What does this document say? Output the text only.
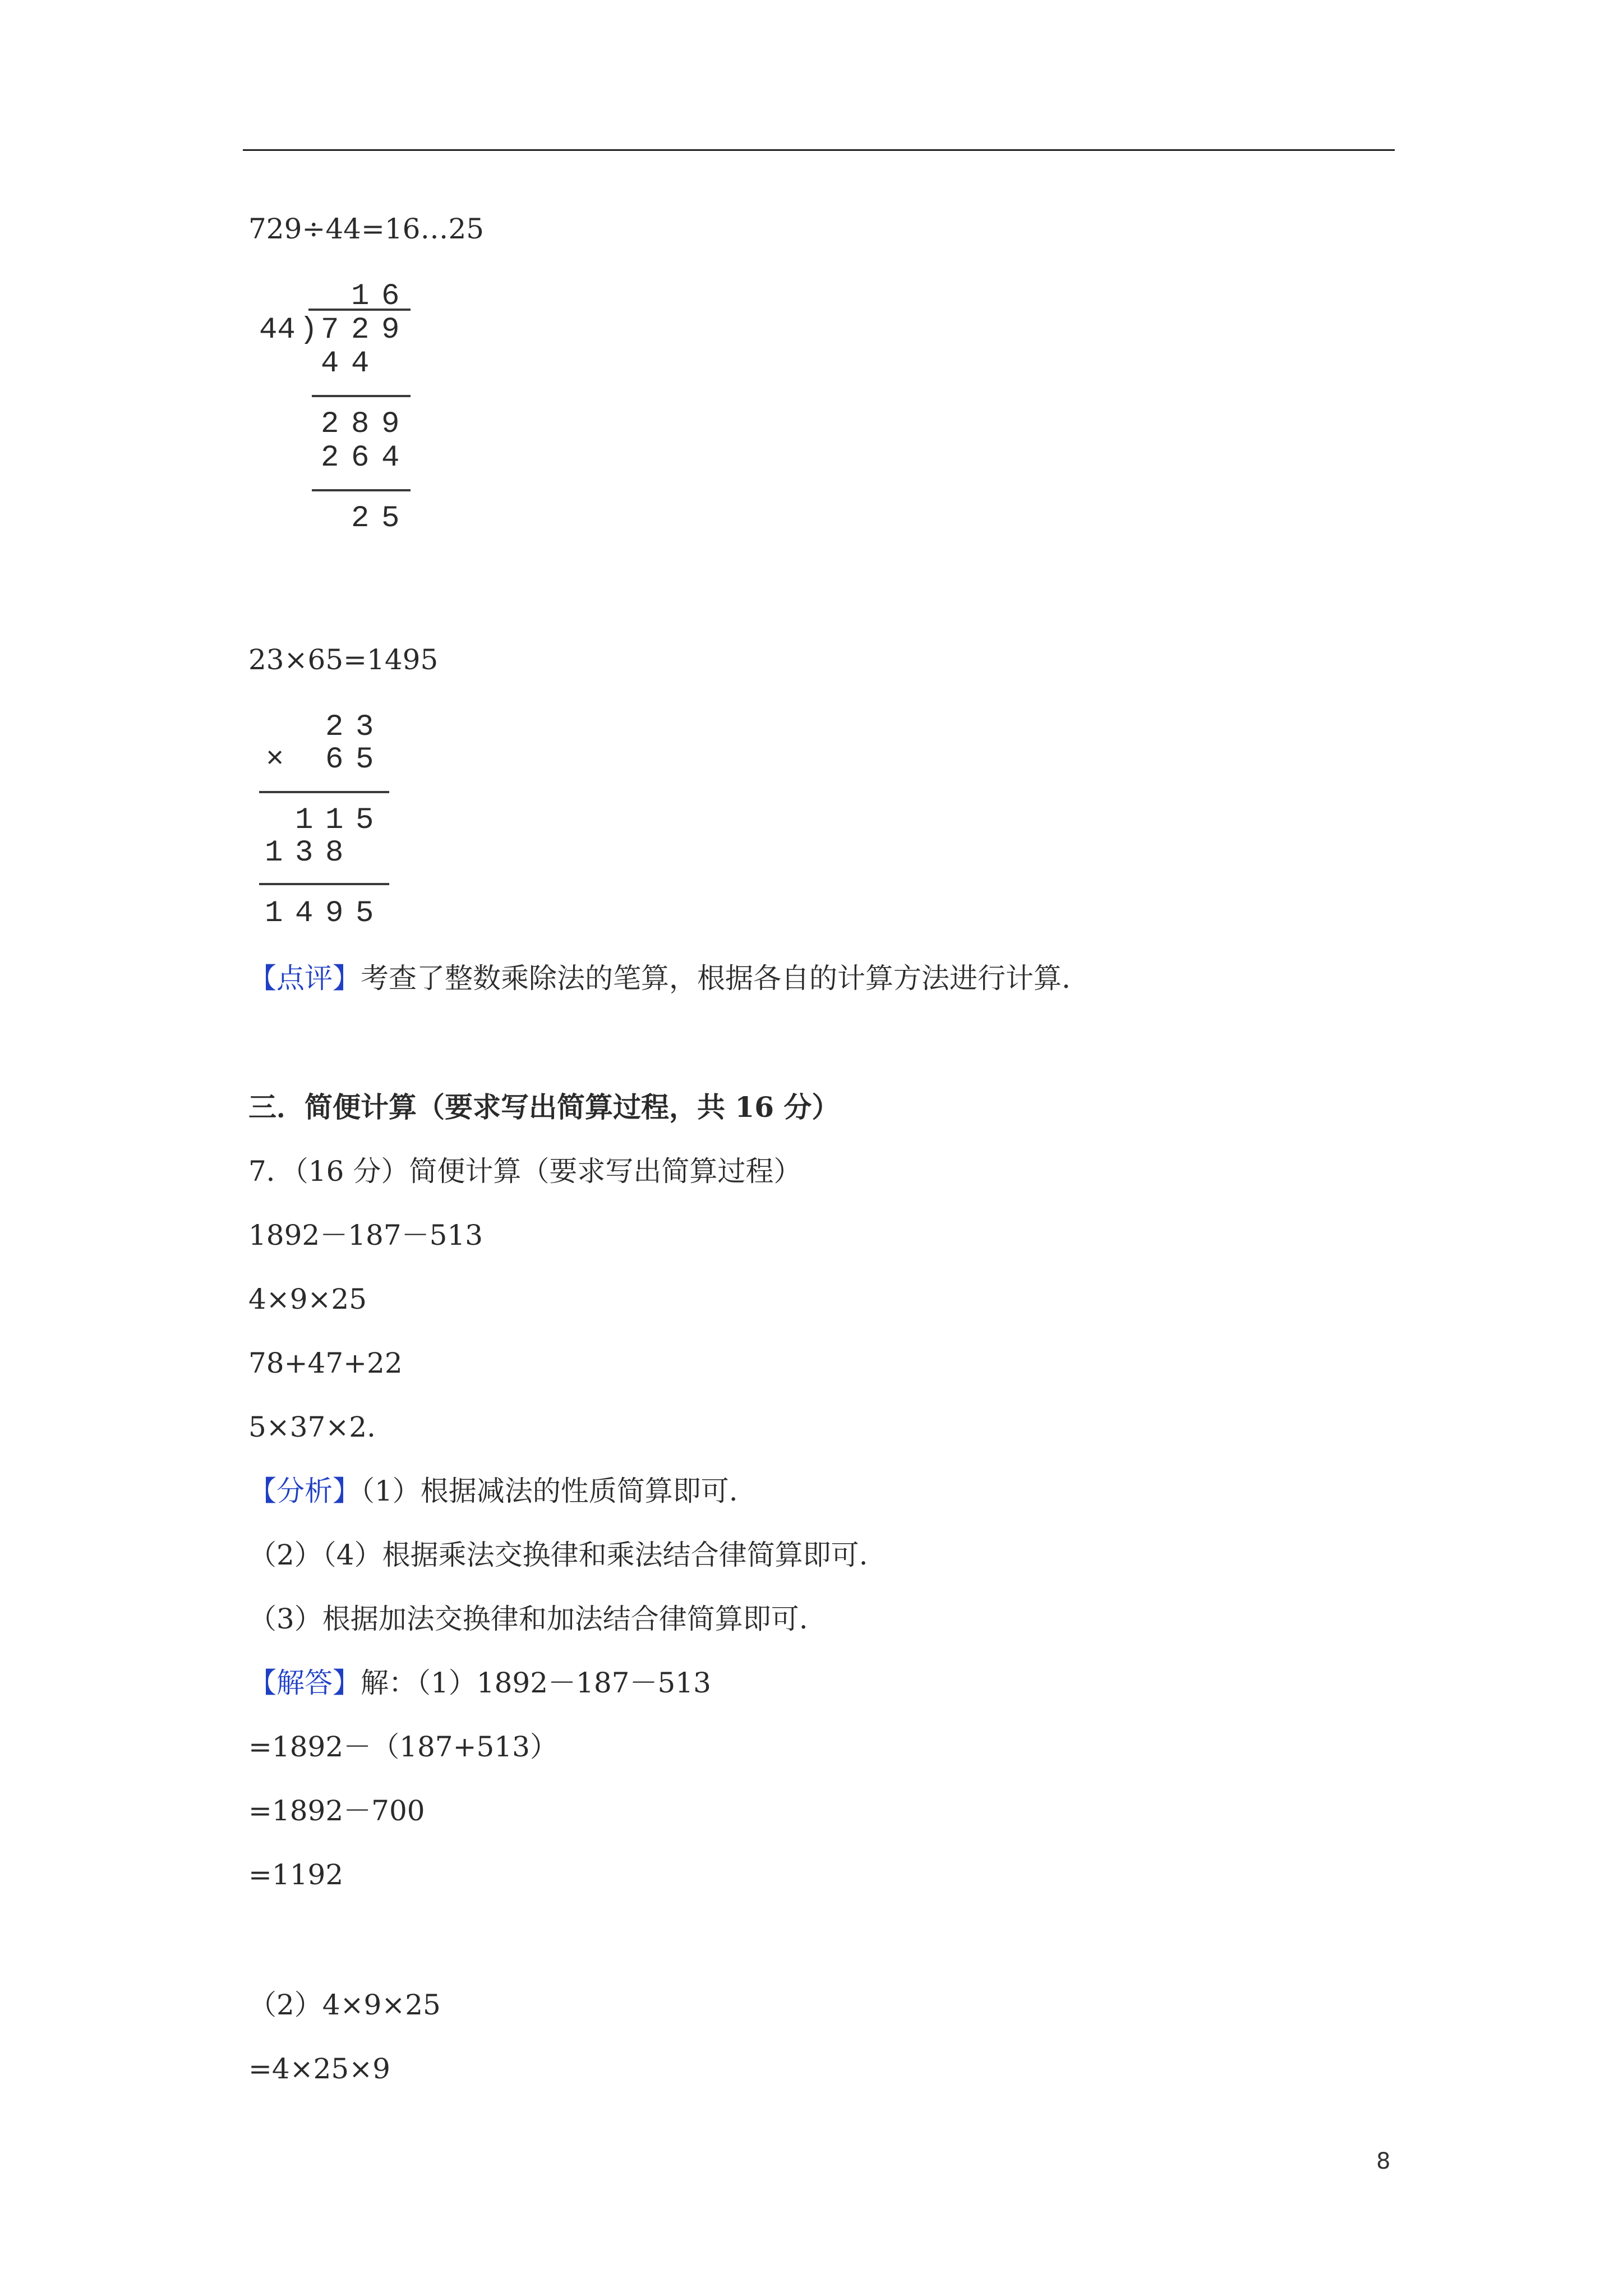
729÷44=16…25
1 6
44 ) 7 2 9
4 4
2 8 9
2 6 4
2 5
23×65=1495
2 3
× 6 5
1 1 5
1 3 8
1 4 9 5
【点评】考查了整数乘除法的笔算，根据各自的计算方法进行计算.
三．简便计算（要求写出简算过程，共 16 分）
7．（16 分）简便计算（要求写出简算过程）
1892－187－513
4×9×25
78+47+22
5×37×2.
【分析】（1）根据减法的性质简算即可.
（2）（4）根据乘法交换律和乘法结合律简算即可.
（3）根据加法交换律和加法结合律简算即可.
【解答】解：（1）1892－187－513
=1892－（187+513）
=1892－700
=1192
（2）4×9×25
=4×25×9
8
